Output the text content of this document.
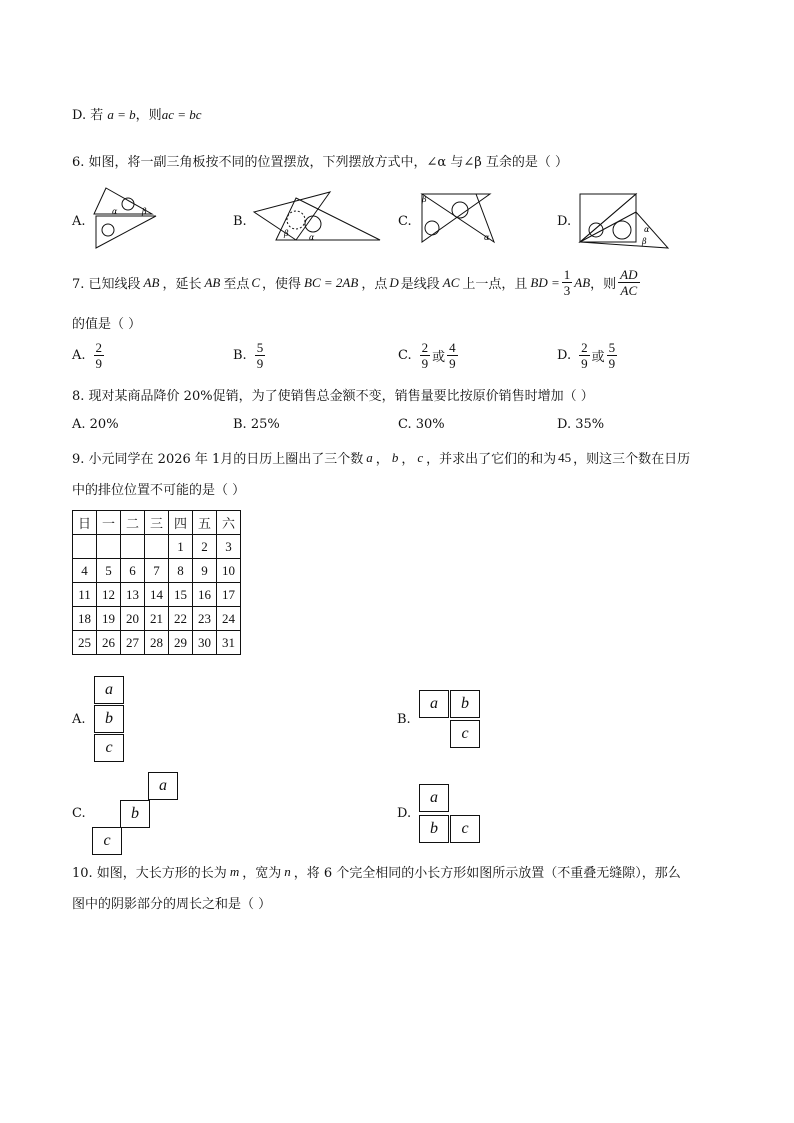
D. 若 a = b，则ac = bc
6. 如图，将一副三角板按不同的位置摆放，下列摆放方式中，∠α 与∠β 互余的是（ ）
A.
α	β
B.
β	α
C.
β
α
D.
α
β
7. 已知线段 AB ，延长 AB 至点 C ，使得 BC = 2AB ，点 D 是线段 AC 上一点，且 BD = $\frac{1}{3}$ AB ，则 $\frac{AD}{AC}$
的值是（ ）
A. $\frac{2}{9}$	B. $\frac{5}{9}$	C. $\frac{2}{9}$ 或 $\frac{4}{9}$	D. $\frac{2}{9}$ 或 $\frac{5}{9}$
8. 现对某商品降价 20%促销，为了使销售总金额不变，销售量要比按原价销售时增加（ ）
A. 20%	B. 25%	C. 30%	D. 35%
9. 小元同学在 2026 年 1月的日历上圈出了三个数 a ， b ， c ，并求出了它们的和为 45 ，则这三个数在日历
中的排位位置不可能的是（ ）
日	一	二	三	四	五	六
				1	2	3
4	5	6	7	8	9	10
11	12	13	14	15	16	17
18	19	20	21	22	23	24
25	26	27	28	29	30	31
A.
a
b
c
B.
a	b
c
C.
a
b
c
D.
a
b	c
10. 如图，大长方形的长为 m ，宽为 n ，将 6 个完全相同的小长方形如图所示放置（不重叠无缝隙），那么
图中的阴影部分的周长之和是（ ）
